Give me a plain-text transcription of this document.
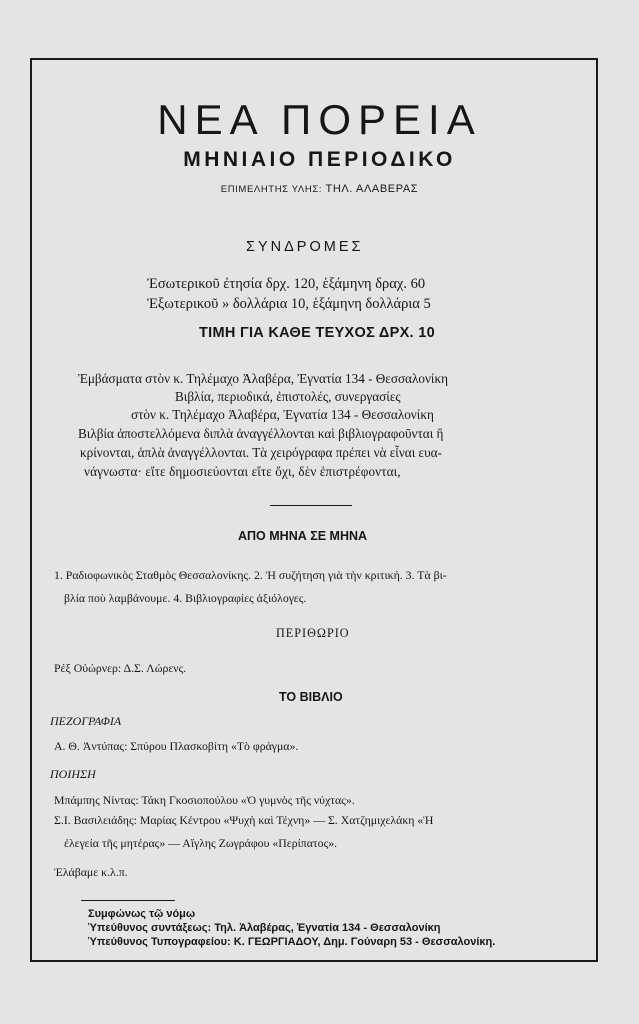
ΝΕΑ ΠΟΡΕΙΑ
ΜΗΝΙΑΙΟ ΠΕΡΙΟΔΙΚΟ
ΕΠΙΜΕΛΗΤΗΣ ΥΛΗΣ: ΤΗΛ. ΑΛΑΒΕΡΑΣ
ΣΥΝΔΡΟΜΕΣ
Ἐσωτερικοῦ ἐτησία δρχ. 120, ἑξάμηνη δραχ. 60
Ἐξωτερικοῦ » δολλάρια 10, ἑξάμηνη δολλάρια 5
ΤΙΜΗ ΓΙΑ ΚΑΘΕ ΤΕΥΧΟΣ ΔΡΧ. 10
Ἐμβάσματα στὸν κ. Τηλέμαχο Ἀλαβέρα, Ἐγνατία 134 - Θεσσαλονίκη
Βιβλία, περιοδικά, ἐπιστολές, συνεργασίες
στὸν κ. Τηλέμαχο Ἀλαβέρα, Ἐγνατία 134 - Θεσσαλονίκη
Βιλβία ἀποστελλόμενα διπλὰ ἀναγγέλλονται καὶ βιβλιογραφοῦνται ἢ
κρίνονται, ἁπλὰ ἀναγγέλλονται. Τὰ χειρόγραφα πρέπει νὰ εἶναι ευα-
νάγνωστα· εἴτε δημοσιεύονται εἴτε ὄχι, δὲν ἐπιστρέφονται,
ΑΠΟ ΜΗΝΑ ΣΕ ΜΗΝΑ
1. Ραδιοφωνικὸς Σταθμὸς Θεσσαλονίκης. 2. Ἡ συζήτηση γιὰ τὴν κριτική. 3. Τὰ βι-
βλία ποὺ λαμβάνουμε. 4. Βιβλιογραφίες ἀξιόλογες.
ΠΕΡΙΘΩΡΙΟ
Ρέξ Οὐώρνερ: Δ.Σ. Λώρενς.
ΤΟ ΒΙΒΛΙΟ
ΠΕΖΟΓΡΑΦΙΑ
Α. Θ. Ἀντύπας: Σπύρου Πλασκοβίτη «Τὸ φράγμα».
ΠΟΙΗΣΗ
Μπάμπης Νίντας: Τάκη Γκοσιοπούλου «Ὁ γυμνὸς τῆς νύχτας».
Σ.Ι. Βασιλειάδης: Μαρίας Κέντρου «Ψυχὴ καὶ Τέχνη» — Σ. Χατζημιχελάκη «Ἡ
ἐλεγεία τῆς μητέρας» — Αἴγλης Ζωγράφου «Περίπατος».
Ἐλάβαμε κ.λ.π.
Συμφώνως τῷ νόμῳ
Ὑπεύθυνος συντάξεως: Τηλ. Ἀλαβέρας, Ἐγνατία 134 - Θεσσαλονίκη
Ὑπεύθυνος Τυπογραφείου: Κ. ΓΕΩΡΓΙΑΔΟΥ, Δημ. Γούναρη 53 - Θεσσαλονίκη.
